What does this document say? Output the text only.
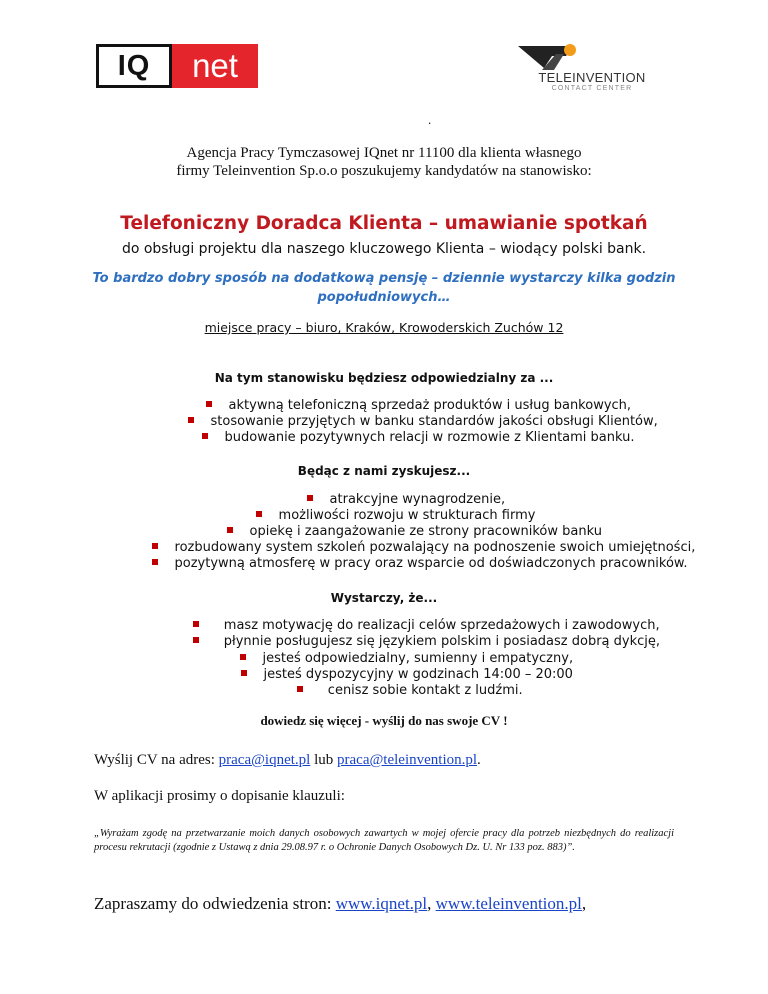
IQ	net	TELEINVENTION
CONTACT CENTER
.
Agencja Pracy Tymczasowej IQnet nr 11100 dla klienta własnego
firmy Teleinvention Sp.o.o poszukujemy kandydatów na stanowisko:
Telefoniczny Doradca Klienta – umawianie spotkań
do obsługi projektu dla naszego kluczowego Klienta – wiodący polski bank.
To bardzo dobry sposób na dodatkową pensję – dziennie wystarczy kilka godzin
popołudniowych…
miejsce pracy – biuro, Kraków, Krowoderskich Zuchów 12
Na tym stanowisku będziesz odpowiedzialny za ...
aktywną telefoniczną sprzedaż produktów i usług bankowych,
stosowanie przyjętych w banku standardów jakości obsługi Klientów,
budowanie pozytywnych relacji w rozmowie z Klientami banku.
Będąc z nami zyskujesz...
atrakcyjne wynagrodzenie,
możliwości rozwoju w strukturach firmy
opiekę i zaangażowanie ze strony pracowników banku
rozbudowany system szkoleń pozwalający na podnoszenie swoich umiejętności,
pozytywną atmosferę w pracy oraz wsparcie od doświadczonych pracowników.
Wystarczy, że...
masz motywację do realizacji celów sprzedażowych i zawodowych,
płynnie posługujesz się językiem polskim i posiadasz dobrą dykcję,
jesteś odpowiedzialny, sumienny i empatyczny,
jesteś dyspozycyjny w godzinach 14:00 – 20:00
cenisz sobie kontakt z ludźmi.
dowiedz się więcej - wyślij do nas swoje CV !
Wyślij CV na adres: praca@iqnet.pl lub praca@teleinvention.pl.
W aplikacji prosimy o dopisanie klauzuli:
„Wyrażam zgodę na przetwarzanie moich danych osobowych zawartych w mojej ofercie pracy dla potrzeb niezbędnych do realizacji procesu rekrutacji (zgodnie z Ustawą z dnia 29.08.97 r. o Ochronie Danych Osobowych Dz. U. Nr 133 poz. 883)”.
Zapraszamy do odwiedzenia stron: www.iqnet.pl, www.teleinvention.pl,
